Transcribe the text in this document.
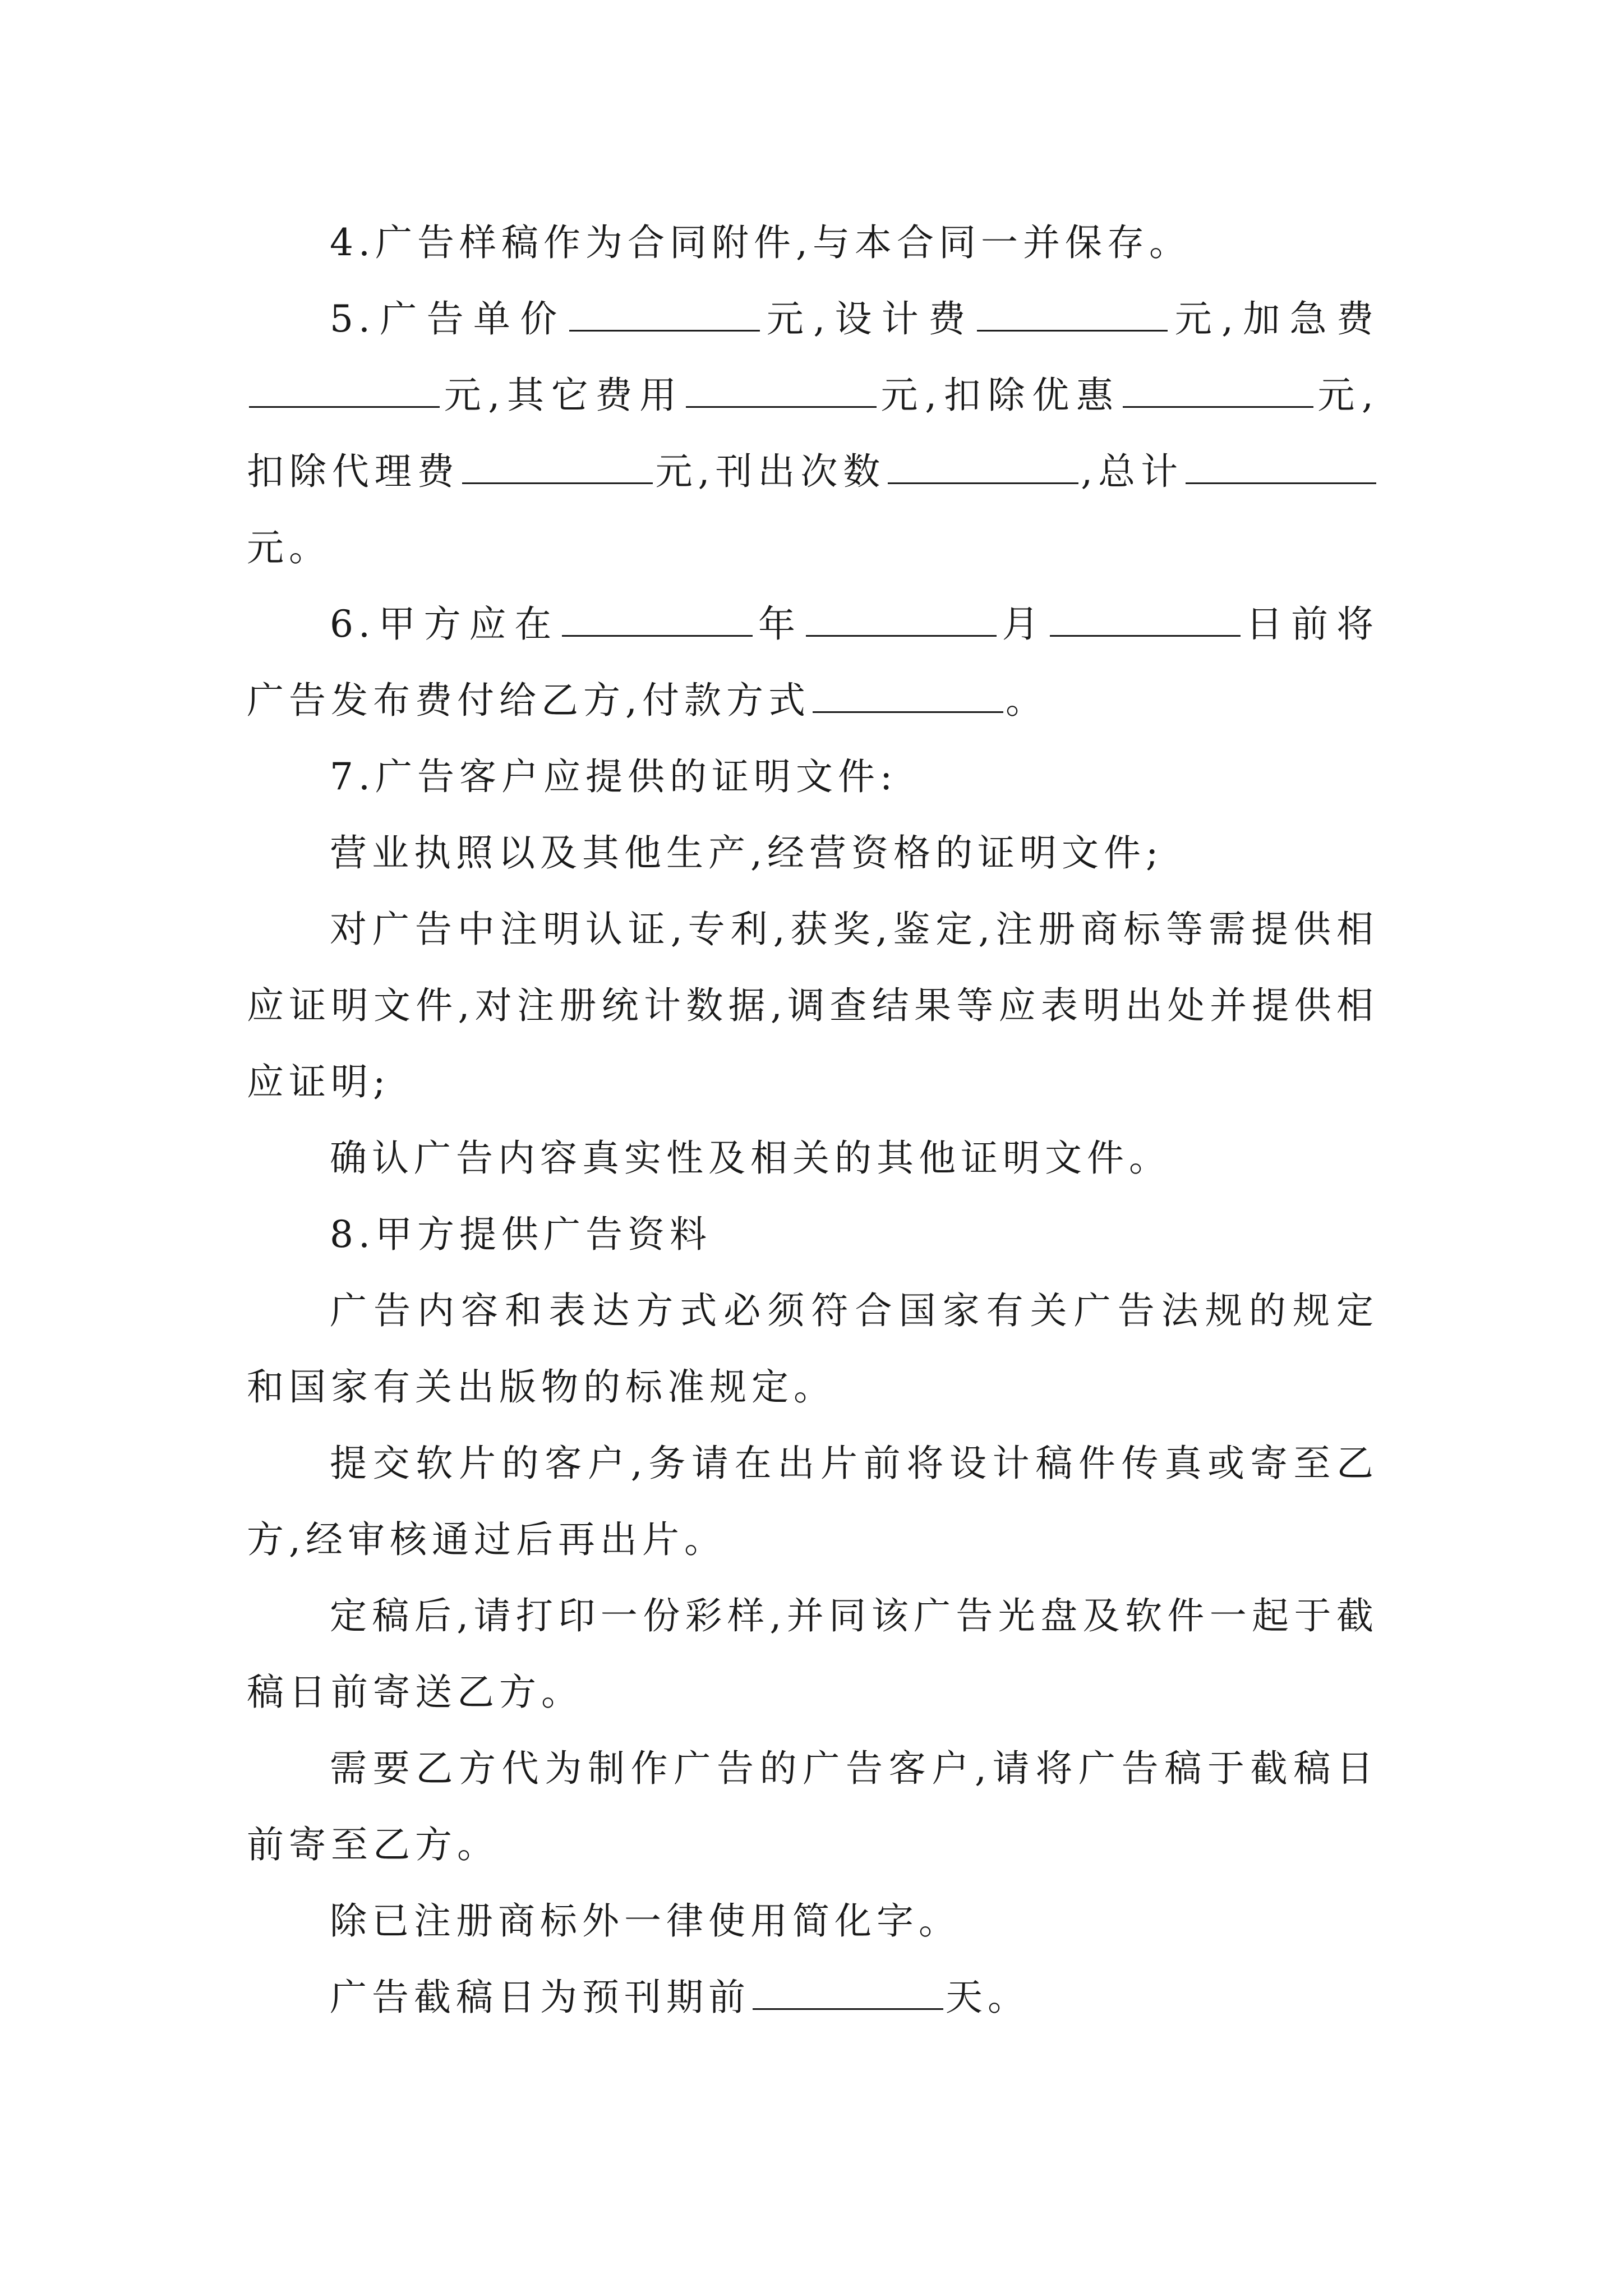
4.广告样稿作为合同附件,与本合同一并保存。

5.广告单价	元,设计费	元,加急费元,其它费用	元,扣除优惠	元,扣除代理费	元,刊出次数	,总计元。

6.甲方应在	年	月	日前将广告发布费付给乙方,付款方式	。

7.广告客户应提供的证明文件:

营业执照以及其他生产,经营资格的证明文件;

对广告中注明认证,专利,获奖,鉴定,注册商标等需提供相应证明文件,对注册统计数据,调查结果等应表明出处并提供相应证明;

确认广告内容真实性及相关的其他证明文件。

8.甲方提供广告资料

广告内容和表达方式必须符合国家有关广告法规的规定和国家有关出版物的标准规定。

提交软片的客户,务请在出片前将设计稿件传真或寄至乙方,经审核通过后再出片。

定稿后,请打印一份彩样,并同该广告光盘及软件一起于截稿日前寄送乙方。

需要乙方代为制作广告的广告客户,请将广告稿于截稿日前寄至乙方。

除已注册商标外一律使用简化字。

广告截稿日为预刊期前	天。
